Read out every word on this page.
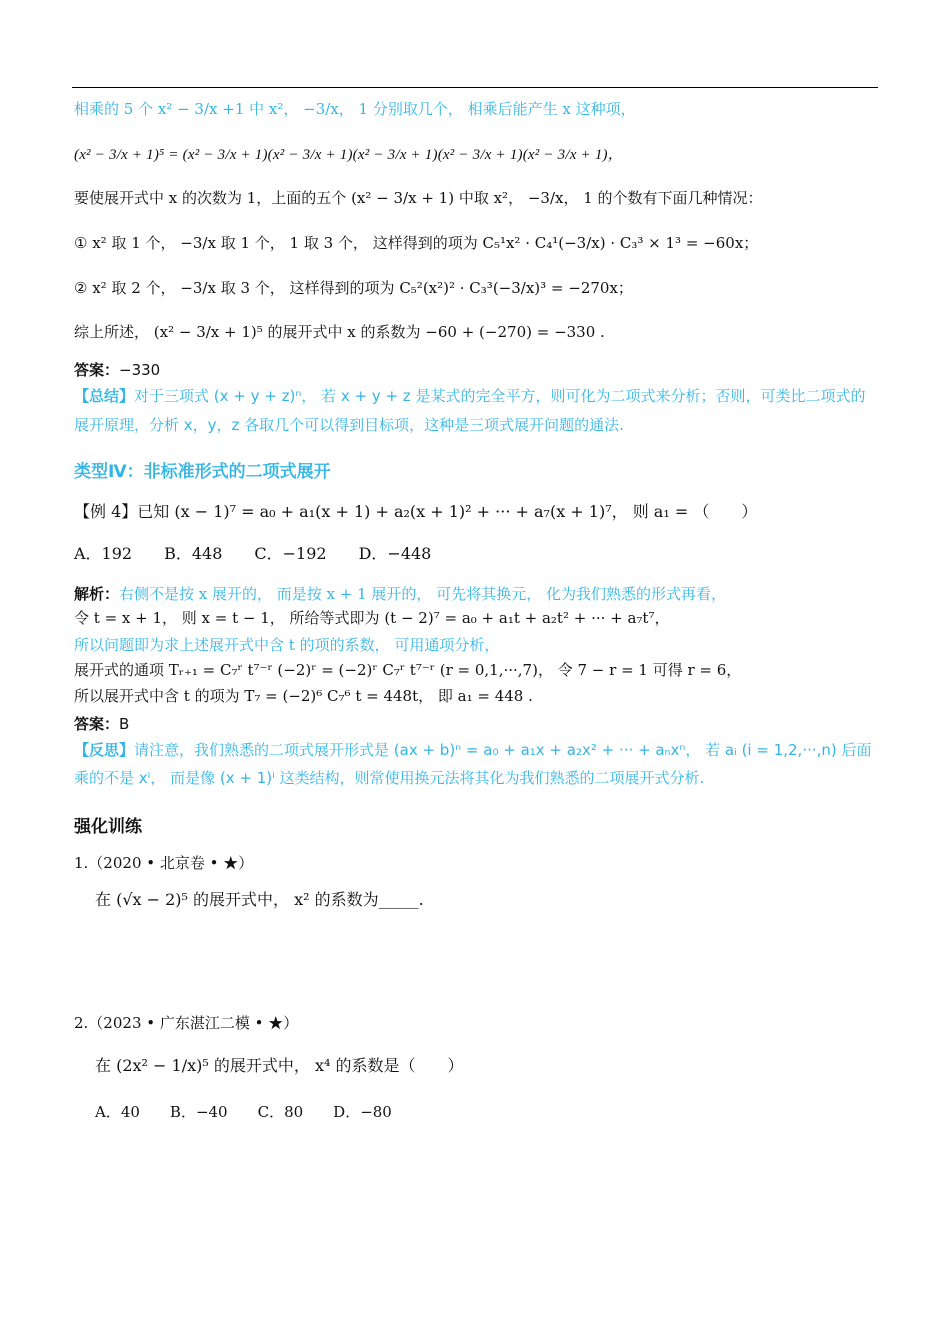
相乘的 5 个 x² − 3/x +1 中 x²， −3/x， 1 分别取几个， 相乘后能产生 x 这种项，
(x² − 3/x + 1)⁵ = (x² − 3/x + 1)(x² − 3/x + 1)(x² − 3/x + 1)(x² − 3/x + 1)(x² − 3/x + 1)，
要使展开式中 x 的次数为 1，上面的五个 (x² − 3/x + 1) 中取 x²， −3/x， 1 的个数有下面几种情况：
① x² 取 1 个， −3/x 取 1 个， 1 取 3 个， 这样得到的项为 C₅¹x² · C₄¹(−3/x) · C₃³ × 1³ = −60x；
② x² 取 2 个， −3/x 取 3 个， 这样得到的项为 C₅²(x²)² · C₃³(−3/x)³ = −270x；
综上所述， (x² − 3/x + 1)⁵ 的展开式中 x 的系数为 −60 + (−270) = −330 .
答案：−330
【总结】对于三项式 (x + y + z)ⁿ， 若 x + y + z 是某式的完全平方，则可化为二项式来分析；否则，可类比二项式的展开原理，分析 x，y，z 各取几个可以得到目标项，这种是三项式展开问题的通法.
类型Ⅳ：非标准形式的二项式展开
【例 4】已知 (x − 1)⁷ = a₀ + a₁(x + 1) + a₂(x + 1)² + ··· + a₇(x + 1)⁷， 则 a₁ = （　　）
A．192　　B．448　　C．−192　　D．−448
解析：右侧不是按 x 展开的， 而是按 x + 1 展开的， 可先将其换元， 化为我们熟悉的形式再看，
令 t = x + 1， 则 x = t − 1， 所给等式即为 (t − 2)⁷ = a₀ + a₁t + a₂t² + ··· + a₇t⁷，
所以问题即为求上述展开式中含 t 的项的系数， 可用通项分析，
展开式的通项 Tᵣ₊₁ = C₇ʳ t⁷⁻ʳ (−2)ʳ = (−2)ʳ C₇ʳ t⁷⁻ʳ (r = 0,1,···,7)， 令 7 − r = 1 可得 r = 6，
所以展开式中含 t 的项为 T₇ = (−2)⁶ C₇⁶ t = 448t， 即 a₁ = 448 .
答案：B
【反思】请注意，我们熟悉的二项式展开形式是 (ax + b)ⁿ = a₀ + a₁x + a₂x² + ··· + aₙxⁿ， 若 aᵢ (i = 1,2,···,n) 后面乘的不是 xⁱ， 而是像 (x + 1)ⁱ 这类结构，则常使用换元法将其化为我们熟悉的二项展开式分析.
强化训练
1.（2020 • 北京卷 • ★）
在 (√x − 2)⁵ 的展开式中， x² 的系数为_____.
2.（2023 • 广东湛江二模 • ★）
在 (2x² − 1/x)⁵ 的展开式中， x⁴ 的系数是（　　）
A．40　　B．−40　　C．80　　D．−80
